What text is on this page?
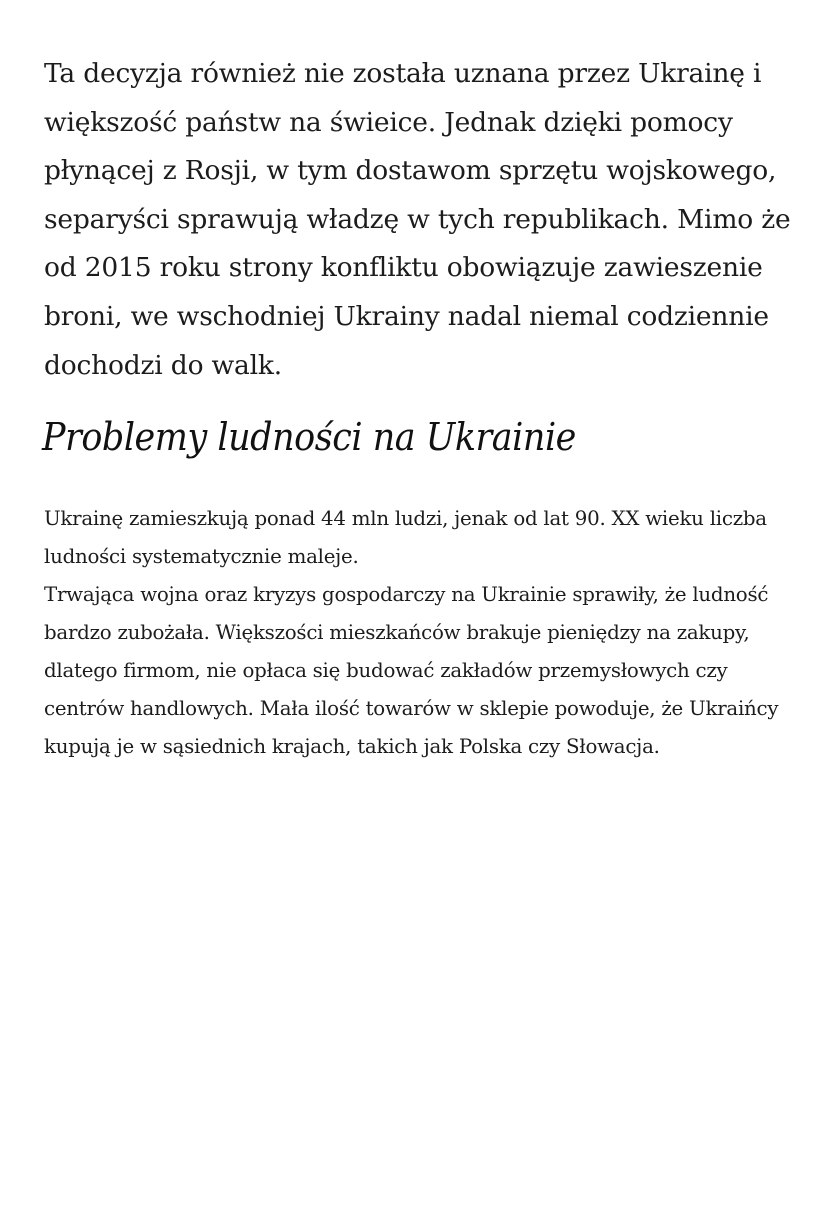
Ta decyzja również nie została uznana przez Ukrainę i większość państw na świeice. Jednak dzięki pomocy płynącej z Rosji, w tym dostawom sprzętu wojskowego, separyści sprawują władzę w tych republikach. Mimo że od 2015 roku strony konfliktu obowiązuje zawieszenie broni, we wschodniej Ukrainy nadal niemal codziennie dochodzi do walk.

Problemy ludności na Ukrainie
Ukrainę zamieszkują ponad 44 mln ludzi, jenak od lat 90. XX wieku liczba ludności systematycznie maleje.
Trwająca wojna oraz kryzys gospodarczy na Ukrainie sprawiły, że ludność bardzo zubożała. Większości mieszkańców brakuje pieniędzy na zakupy, dlatego firmom, nie opłaca się budować zakładów przemysłowych czy centrów handlowych. Mała ilość towarów w sklepie powoduje, że Ukraińcy kupują je w sąsiednich krajach, takich jak Polska czy Słowacja.
